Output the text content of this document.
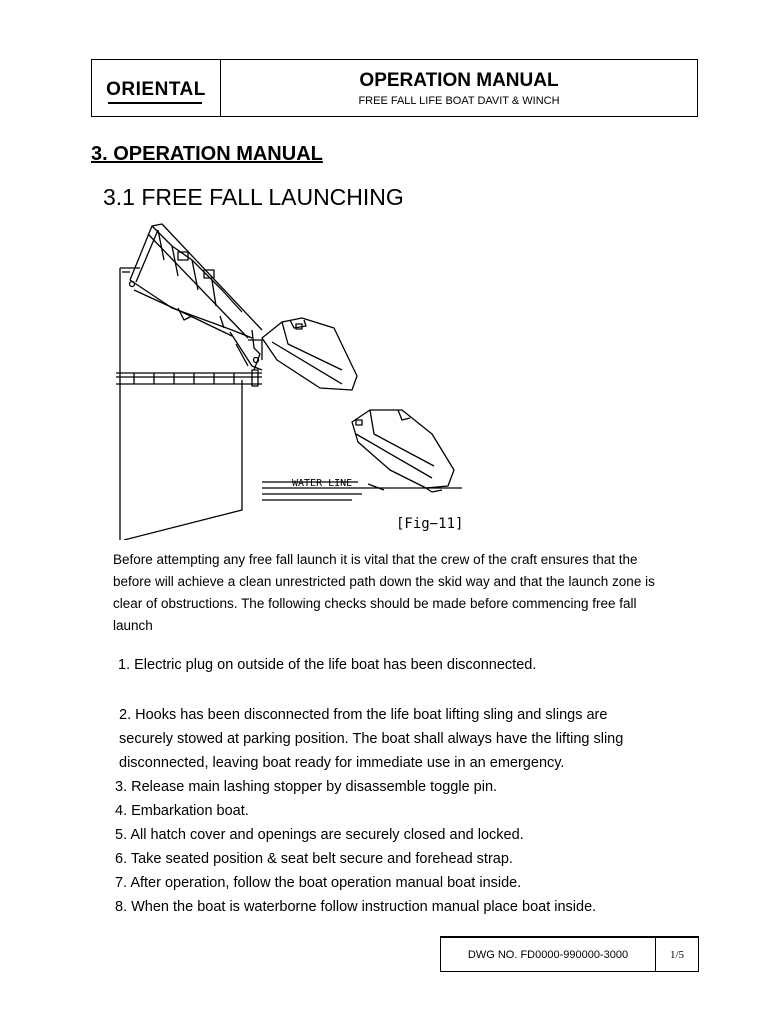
ORIENTAL	OPERATION MANUAL
FREE FALL LIFE BOAT DAVIT & WINCH
3. OPERATION MANUAL
3.1 FREE FALL LAUNCHING
WATER LINE
[Fig−11]
Before attempting any free fall launch it is vital that the crew of the craft ensures that the
before will achieve a clean unrestricted path down the skid way and that the launch zone is
clear of obstructions. The following checks should be made before commencing free fall
launch
1. Electric plug on outside of the life boat has been disconnected.
2. Hooks has been disconnected from the life boat lifting sling and slings are
securely stowed at parking position. The boat shall always have the lifting sling
disconnected, leaving boat ready for immediate use in an emergency.
3. Release main lashing stopper by disassemble toggle pin.
4. Embarkation boat.
5. All hatch cover and openings are securely closed and locked.
6. Take seated position & seat belt secure and forehead strap.
7. After operation, follow the boat operation manual boat inside.
8. When the boat is waterborne follow instruction manual place boat inside.
DWG NO. FD0000-990000-3000	1/5
